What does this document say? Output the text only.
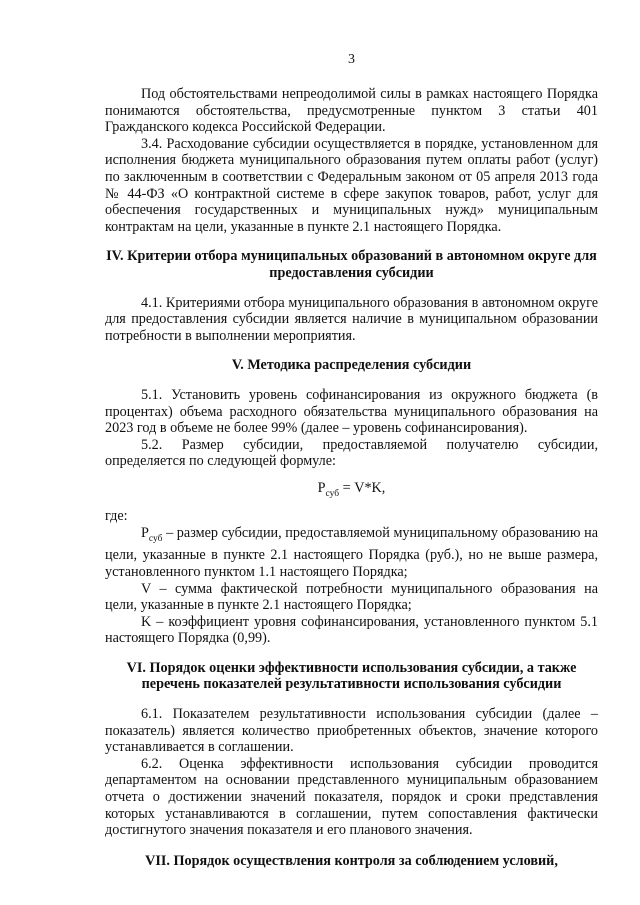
3

Под обстоятельствами непреодолимой силы в рамках настоящего Порядка понимаются обстоятельства, предусмотренные пунктом 3 статьи 401 Гражданского кодекса Российской Федерации.

3.4. Расходование субсидии осуществляется в порядке, установленном для исполнения бюджета муниципального образования путем оплаты работ (услуг) по заключенным в соответствии с Федеральным законом от 05 апреля 2013 года № 44-ФЗ «О контрактной системе в сфере закупок товаров, работ, услуг для обеспечения государственных и муниципальных нужд» муниципальным контрактам на цели, указанные в пункте 2.1 настоящего Порядка.

IV. Критерии отбора муниципальных образований в автономном округе для предоставления субсидии

4.1. Критериями отбора муниципального образования в автономном округе для предоставления субсидии является наличие в муниципальном образовании потребности в выполнении мероприятия.

V. Методика распределения субсидии

5.1. Установить уровень софинансирования из окружного бюджета (в процентах) объема расходного обязательства муниципального образования на 2023 год в объеме не более 99% (далее – уровень софинансирования).

5.2. Размер субсидии, предоставляемой получателю субсидии, определяется по следующей формуле:

$P_{суб} = V*K$,

где:

$P_{суб}$ – размер субсидии, предоставляемой муниципальному образованию на цели, указанные в пункте 2.1 настоящего Порядка (руб.), но не выше размера, установленного пунктом 1.1 настоящего Порядка;

V – сумма фактической потребности муниципального образования на цели, указанные в пункте 2.1 настоящего Порядка;

K – коэффициент уровня софинансирования, установленного пунктом 5.1 настоящего Порядка (0,99).

VI. Порядок оценки эффективности использования субсидии, а также перечень показателей результативности использования субсидии

6.1. Показателем результативности использования субсидии (далее – показатель) является количество приобретенных объектов, значение которого устанавливается в соглашении.

6.2. Оценка эффективности использования субсидии проводится департаментом на основании представленного муниципальным образованием отчета о достижении значений показателя, порядок и сроки представления которых устанавливаются в соглашении, путем сопоставления фактически достигнутого значения показателя и его планового значения.

VII. Порядок осуществления контроля за соблюдением условий,
